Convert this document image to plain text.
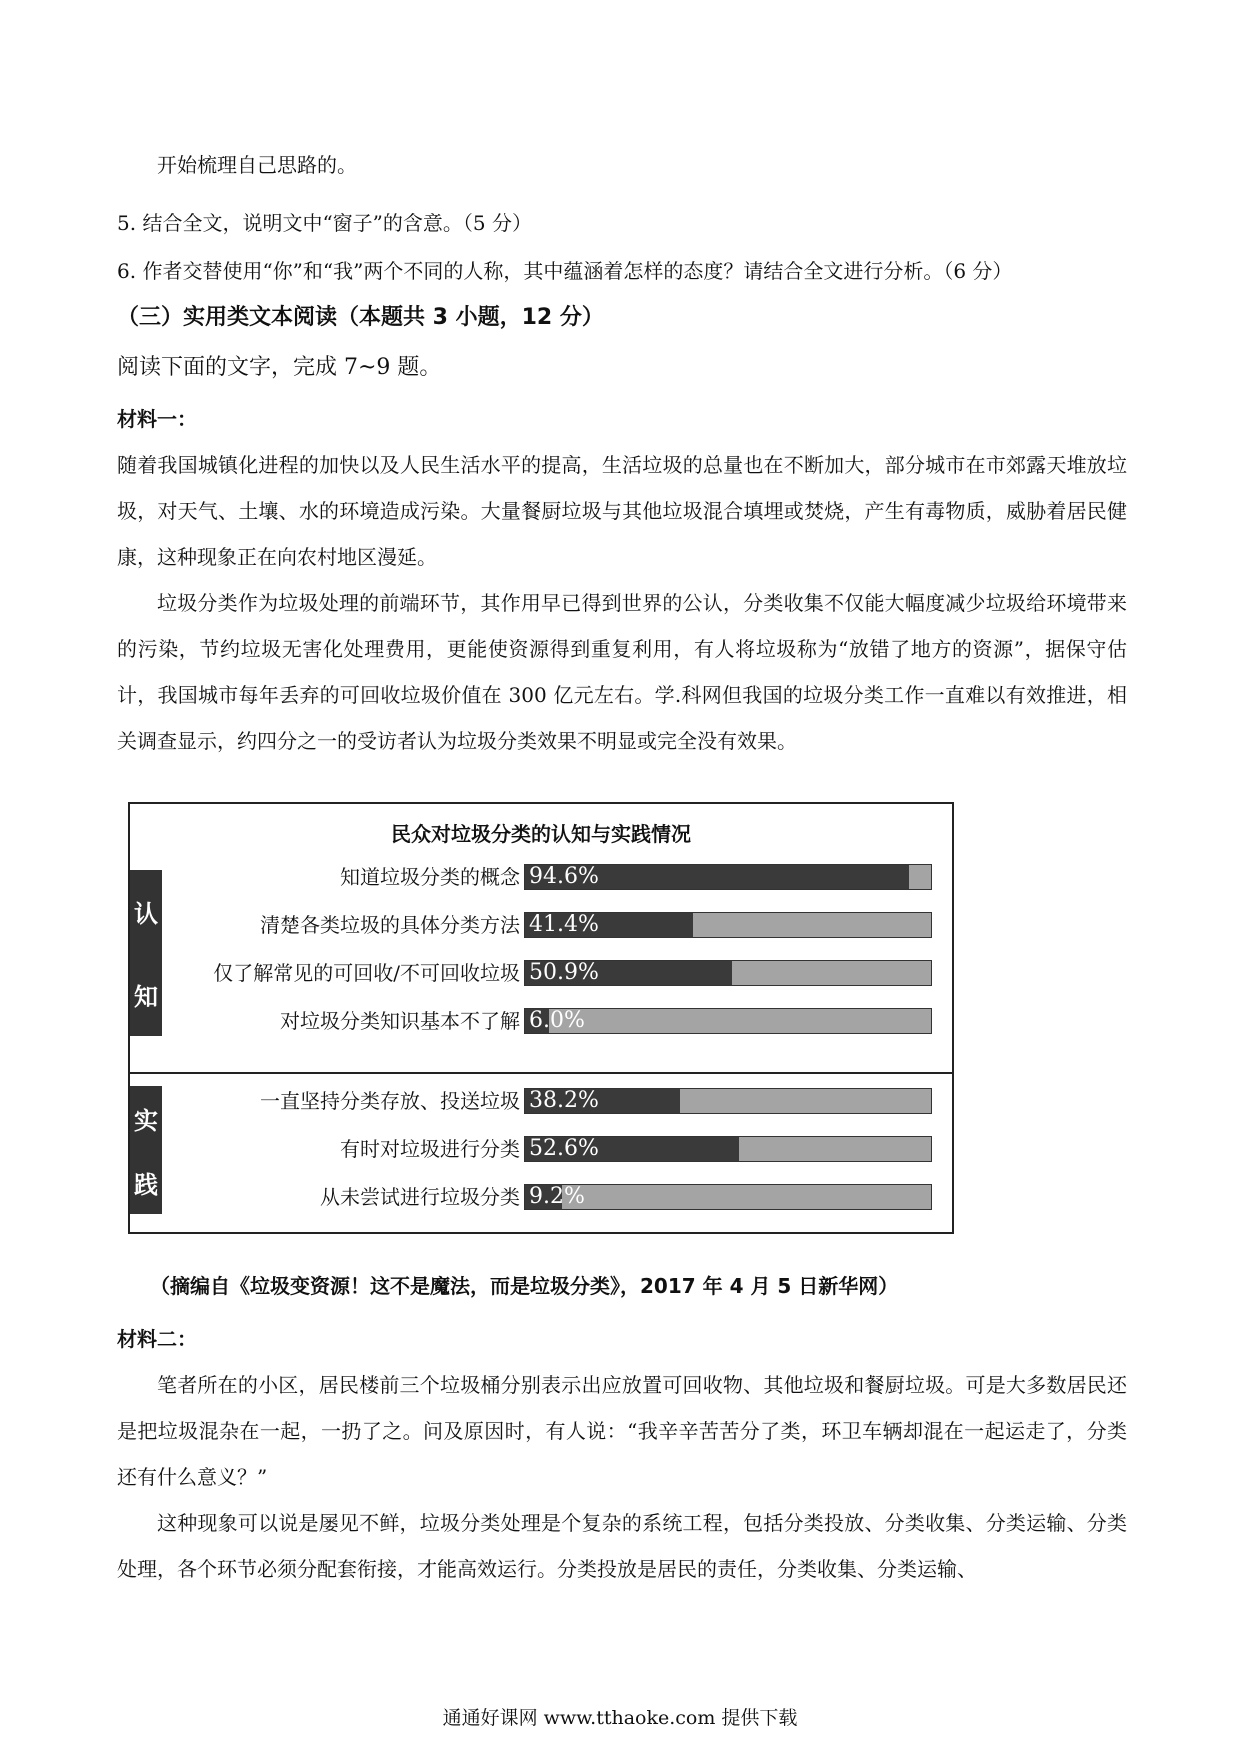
开始梳理自己思路的。
5. 结合全文，说明文中“窗子”的含意。（5 分）
6. 作者交替使用“你”和“我”两个不同的人称，其中蕴涵着怎样的态度？请结合全文进行分析。（6 分）
（三）实用类文本阅读（本题共 3 小题，12 分）
阅读下面的文字，完成 7~9 题。
材料一：

随着我国城镇化进程的加快以及人民生活水平的提高，生活垃圾的总量也在不断加大，部分城市在市郊露天堆放垃圾，对天气、土壤、水的环境造成污染。大量餐厨垃圾与其他垃圾混合填埋或焚烧，产生有毒物质，威胁着居民健康，这种现象正在向农村地区漫延。

垃圾分类作为垃圾处理的前端环节，其作用早已得到世界的公认，分类收集不仅能大幅度减少垃圾给环境带来的污染，节约垃圾无害化处理费用，更能使资源得到重复利用，有人将垃圾称为“放错了地方的资源”，据保守估计，我国城市每年丢弃的可回收垃圾价值在 300 亿元左右。学.科网但我国的垃圾分类工作一直难以有效推进，相关调查显示，约四分之一的受访者认为垃圾分类效果不明显或完全没有效果。

民众对垃圾分类的认知与实践情况
认
知
知道垃圾分类的概念 94.6%
清楚各类垃圾的具体分类方法 41.4%
仅了解常见的可回收/不可回收垃圾 50.9%
对垃圾分类知识基本不了解 6.0%
实
践
一直坚持分类存放、投送垃圾 38.2%
有时对垃圾进行分类 52.6%
从未尝试进行垃圾分类 9.2%
（摘编自《垃圾变资源！这不是魔法，而是垃圾分类》，2017 年 4 月 5 日新华网）
材料二：

笔者所在的小区，居民楼前三个垃圾桶分别表示出应放置可回收物、其他垃圾和餐厨垃圾。可是大多数居民还是把垃圾混杂在一起，一扔了之。问及原因时，有人说：“我辛辛苦苦分了类，环卫车辆却混在一起运走了，分类还有什么意义？”

这种现象可以说是屡见不鲜，垃圾分类处理是个复杂的系统工程，包括分类投放、分类收集、分类运输、分类处理，各个环节必须分配套衔接，才能高效运行。分类投放是居民的责任，分类收集、分类运输、

通通好课网 www.tthaoke.com 提供下载
